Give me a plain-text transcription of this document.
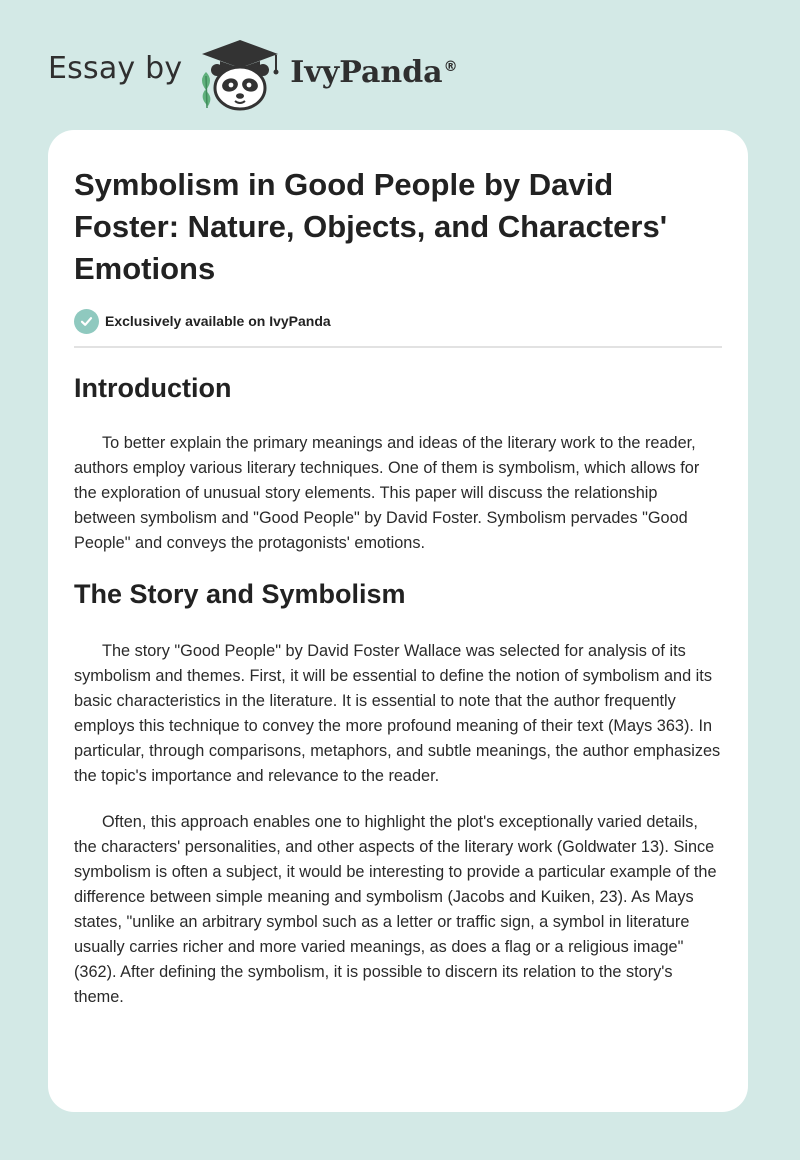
Essay by	IvyPanda®
Symbolism in Good People by David Foster: Nature, Objects, and Characters' Emotions
Exclusively available on IvyPanda
Introduction

To better explain the primary meanings and ideas of the literary work to the reader, authors employ various literary techniques. One of them is symbolism, which allows for the exploration of unusual story elements. This paper will discuss the relationship between symbolism and "Good People" by David Foster. Symbolism pervades "Good People" and conveys the protagonists' emotions.

The Story and Symbolism

The story "Good People" by David Foster Wallace was selected for analysis of its symbolism and themes. First, it will be essential to define the notion of symbolism and its basic characteristics in the literature. It is essential to note that the author frequently employs this technique to convey the more profound meaning of their text (Mays 363). In particular, through comparisons, metaphors, and subtle meanings, the author emphasizes the topic's importance and relevance to the reader.

Often, this approach enables one to highlight the plot's exceptionally varied details, the characters' personalities, and other aspects of the literary work (Goldwater 13). Since symbolism is often a subject, it would be interesting to provide a particular example of the difference between simple meaning and symbolism (Jacobs and Kuiken, 23). As Mays states, "unlike an arbitrary symbol such as a letter or traffic sign, a symbol in literature usually carries richer and more varied meanings, as does a flag or a religious image" (362). After defining the symbolism, it is possible to discern its relation to the story's theme.
